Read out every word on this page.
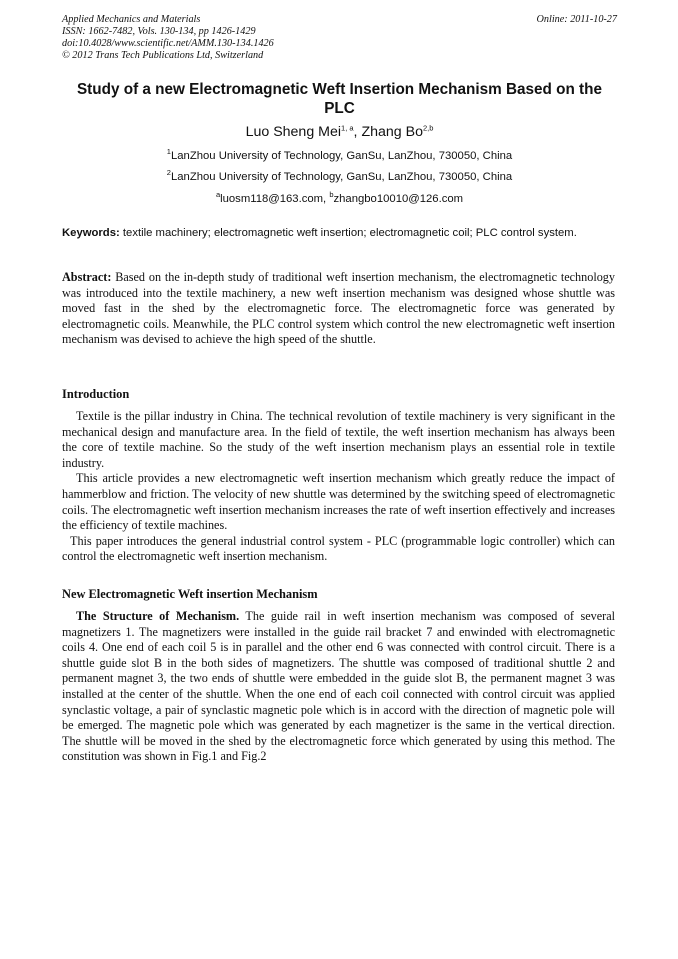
Applied Mechanics and Materials
ISSN: 1662-7482, Vols. 130-134, pp 1426-1429
doi:10.4028/www.scientific.net/AMM.130-134.1426
© 2012 Trans Tech Publications Ltd, Switzerland
Online: 2011-10-27
Study of a new Electromagnetic Weft Insertion Mechanism Based on the PLC
Luo Sheng Mei$^{1, a}$, Zhang Bo$^{2,b}$
$^1$LanZhou University of Technology, GanSu, LanZhou, 730050, China
$^2$LanZhou University of Technology, GanSu, LanZhou, 730050, China
$^a$luosm118@163.com, $^b$zhangbo10010@126.com
Keywords: textile machinery; electromagnetic weft insertion; electromagnetic coil; PLC control system.
Abstract: Based on the in-depth study of traditional weft insertion mechanism, the electromagnetic technology was introduced into the textile machinery, a new weft insertion mechanism was designed whose shuttle was moved fast in the shed by the electromagnetic force. The electromagnetic force was generated by electromagnetic coils. Meanwhile, the PLC control system which control the new electromagnetic weft insertion mechanism was devised to achieve the high speed of the shuttle.
Introduction

Textile is the pillar industry in China. The technical revolution of textile machinery is very significant in the mechanical design and manufacture area. In the field of textile, the weft insertion mechanism has always been the core of textile machine. So the study of the weft insertion mechanism plays an essential role in textile industry.

This article provides a new electromagnetic weft insertion mechanism which greatly reduce the impact of hammerblow and friction. The velocity of new shuttle was determined by the switching speed of electromagnetic coils. The electromagnetic weft insertion mechanism increases the rate of weft insertion effectively and increases the efficiency of textile machines.

This paper introduces the general industrial control system - PLC (programmable logic controller) which can control the electromagnetic weft insertion mechanism.

New Electromagnetic Weft insertion Mechanism

The Structure of Mechanism. The guide rail in weft insertion mechanism was composed of several magnetizers 1. The magnetizers were installed in the guide rail bracket 7 and enwinded with electromagnetic coils 4. One end of each coil 5 is in parallel and the other end 6 was connected with control circuit. There is a shuttle guide slot B in the both sides of magnetizers. The shuttle was composed of traditional shuttle 2 and permanent magnet 3, the two ends of shuttle were embedded in the guide slot B, the permanent magnet 3 was installed at the center of the shuttle. When the one end of each coil connected with control circuit was applied synclastic voltage, a pair of synclastic magnetic pole which is in accord with the direction of magnetic pole will be emerged. The magnetic pole which was generated by each magnetizer is the same in the vertical direction. The shuttle will be moved in the shed by the electromagnetic force which generated by using this method. The constitution was shown in Fig.1 and Fig.2
